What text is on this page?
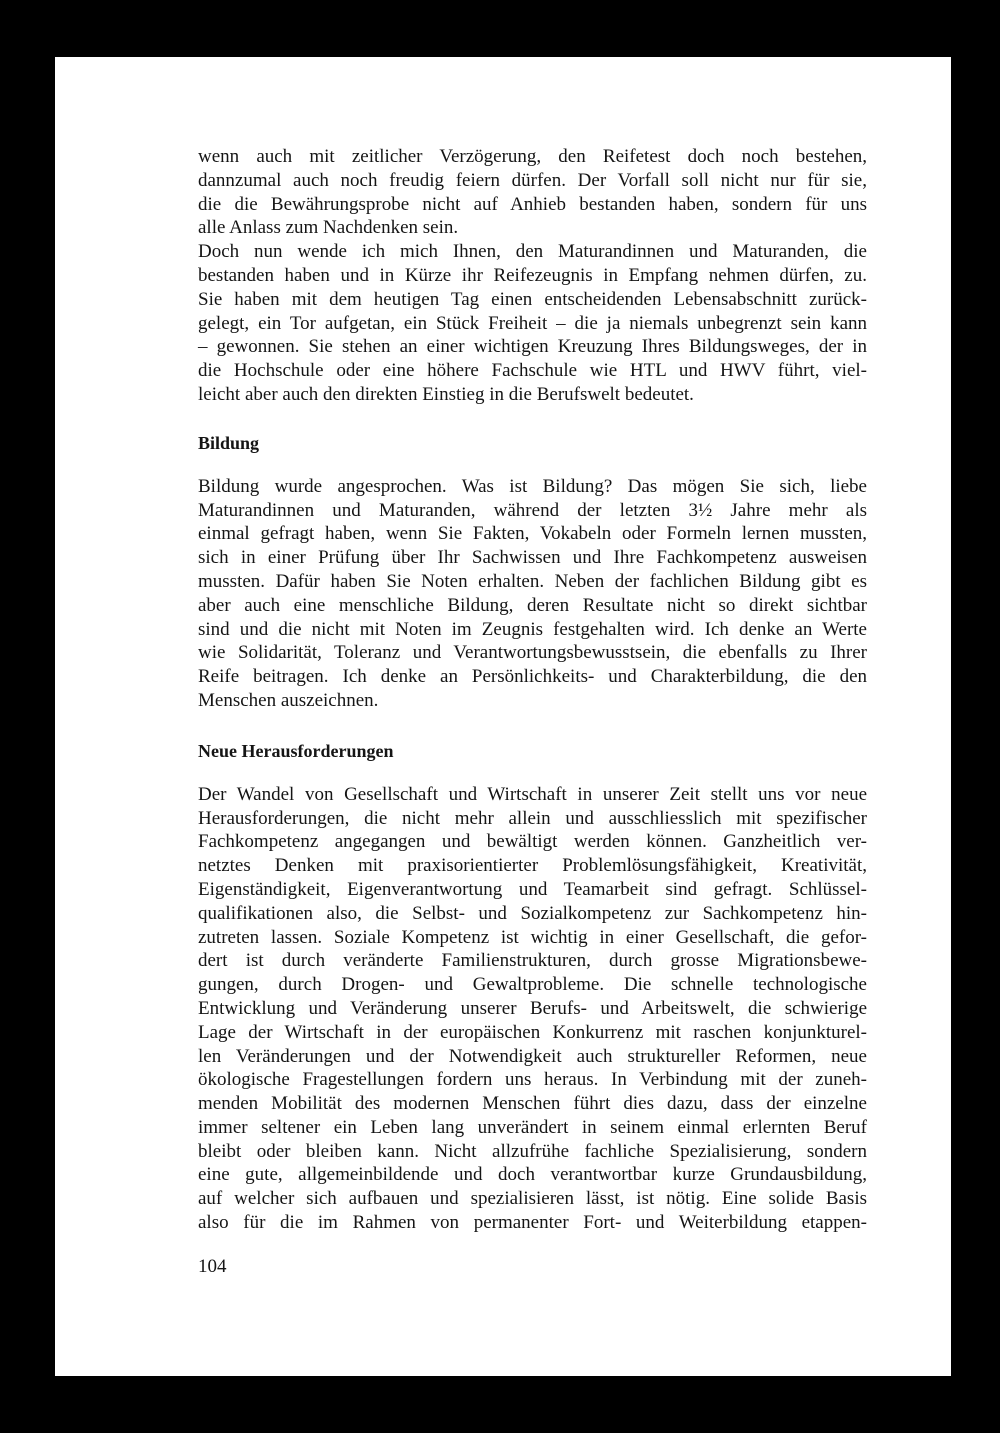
wenn auch mit zeitlicher Verzögerung, den Reifetest doch noch bestehen,
dannzumal auch noch freudig feiern dürfen. Der Vorfall soll nicht nur für sie,
die die Bewährungsprobe nicht auf Anhieb bestanden haben, sondern für uns
alle Anlass zum Nachdenken sein.
Doch nun wende ich mich Ihnen, den Maturandinnen und Maturanden, die
bestanden haben und in Kürze ihr Reifezeugnis in Empfang nehmen dürfen, zu.
Sie haben mit dem heutigen Tag einen entscheidenden Lebensabschnitt zurück-
gelegt, ein Tor aufgetan, ein Stück Freiheit – die ja niemals unbegrenzt sein kann
– gewonnen. Sie stehen an einer wichtigen Kreuzung Ihres Bildungsweges, der in
die Hochschule oder eine höhere Fachschule wie HTL und HWV führt, viel-
leicht aber auch den direkten Einstieg in die Berufswelt bedeutet.
Bildung
Bildung wurde angesprochen. Was ist Bildung? Das mögen Sie sich, liebe
Maturandinnen und Maturanden, während der letzten 3½ Jahre mehr als
einmal gefragt haben, wenn Sie Fakten, Vokabeln oder Formeln lernen mussten,
sich in einer Prüfung über Ihr Sachwissen und Ihre Fachkompetenz ausweisen
mussten. Dafür haben Sie Noten erhalten. Neben der fachlichen Bildung gibt es
aber auch eine menschliche Bildung, deren Resultate nicht so direkt sichtbar
sind und die nicht mit Noten im Zeugnis festgehalten wird. Ich denke an Werte
wie Solidarität, Toleranz und Verantwortungsbewusstsein, die ebenfalls zu Ihrer
Reife beitragen. Ich denke an Persönlichkeits- und Charakterbildung, die den
Menschen auszeichnen.
Neue Herausforderungen
Der Wandel von Gesellschaft und Wirtschaft in unserer Zeit stellt uns vor neue
Herausforderungen, die nicht mehr allein und ausschliesslich mit spezifischer
Fachkompetenz angegangen und bewältigt werden können. Ganzheitlich ver-
netztes Denken mit praxisorientierter Problemlösungsfähigkeit, Kreativität,
Eigenständigkeit, Eigenverantwortung und Teamarbeit sind gefragt. Schlüssel-
qualifikationen also, die Selbst- und Sozialkompetenz zur Sachkompetenz hin-
zutreten lassen. Soziale Kompetenz ist wichtig in einer Gesellschaft, die gefor-
dert ist durch veränderte Familienstrukturen, durch grosse Migrationsbewe-
gungen, durch Drogen- und Gewaltprobleme. Die schnelle technologische
Entwicklung und Veränderung unserer Berufs- und Arbeitswelt, die schwierige
Lage der Wirtschaft in der europäischen Konkurrenz mit raschen konjunkturel-
len Veränderungen und der Notwendigkeit auch struktureller Reformen, neue
ökologische Fragestellungen fordern uns heraus. In Verbindung mit der zuneh-
menden Mobilität des modernen Menschen führt dies dazu, dass der einzelne
immer seltener ein Leben lang unverändert in seinem einmal erlernten Beruf
bleibt oder bleiben kann. Nicht allzufrühe fachliche Spezialisierung, sondern
eine gute, allgemeinbildende und doch verantwortbar kurze Grundausbildung,
auf welcher sich aufbauen und spezialisieren lässt, ist nötig. Eine solide Basis
also für die im Rahmen von permanenter Fort- und Weiterbildung etappen-
104
